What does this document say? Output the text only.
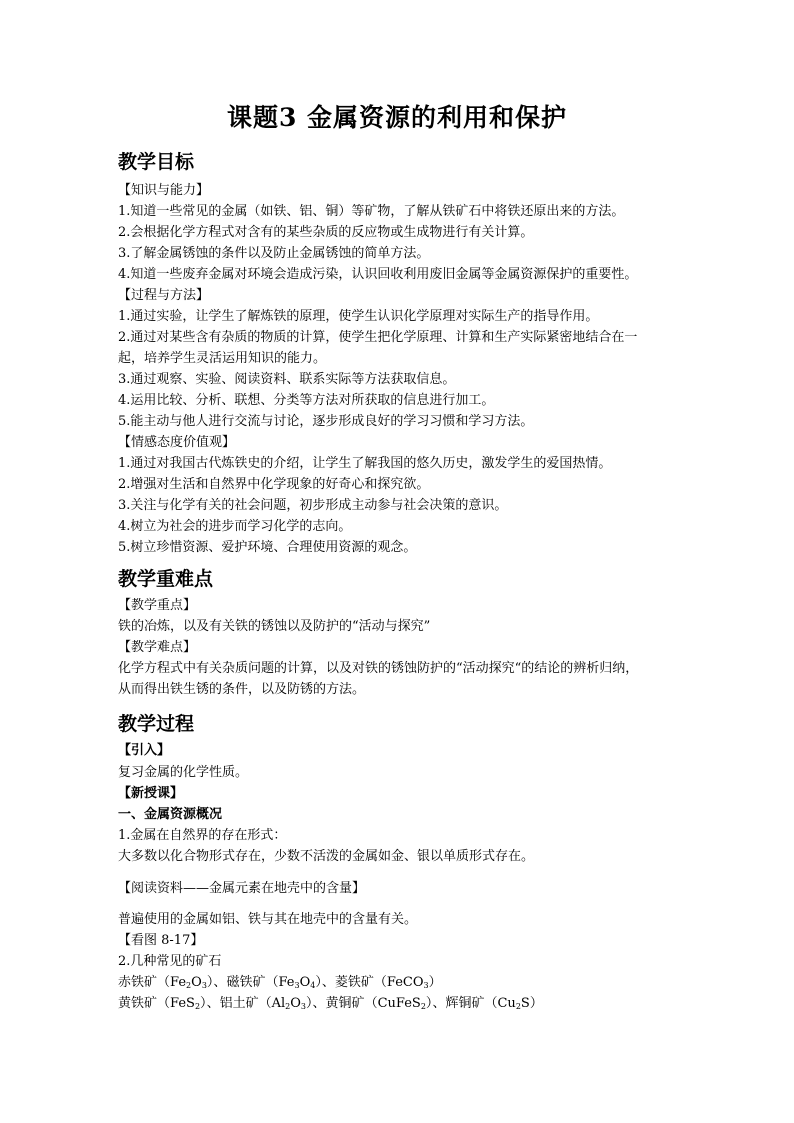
课题3 金属资源的利用和保护
教学目标
【知识与能力】
1.知道一些常见的金属（如铁、铝、铜）等矿物，了解从铁矿石中将铁还原出来的方法。
2.会根据化学方程式对含有的某些杂质的反应物或生成物进行有关计算。
3.了解金属锈蚀的条件以及防止金属锈蚀的简单方法。
4.知道一些废弃金属对环境会造成污染，认识回收利用废旧金属等金属资源保护的重要性。
【过程与方法】
1.通过实验，让学生了解炼铁的原理，使学生认识化学原理对实际生产的指导作用。
2.通过对某些含有杂质的物质的计算，使学生把化学原理、计算和生产实际紧密地结合在一
起，培养学生灵活运用知识的能力。
3.通过观察、实验、阅读资料、联系实际等方法获取信息。
4.运用比较、分析、联想、分类等方法对所获取的信息进行加工。
5.能主动与他人进行交流与讨论，逐步形成良好的学习习惯和学习方法。
【情感态度价值观】
1.通过对我国古代炼铁史的介绍，让学生了解我国的悠久历史，激发学生的爱国热情。
2.增强对生活和自然界中化学现象的好奇心和探究欲。
3.关注与化学有关的社会问题，初步形成主动参与社会决策的意识。
4.树立为社会的进步而学习化学的志向。
5.树立珍惜资源、爱护环境、合理使用资源的观念。
教学重难点
【教学重点】
铁的冶炼，以及有关铁的锈蚀以及防护的“活动与探究”
【教学难点】
化学方程式中有关杂质问题的计算，以及对铁的锈蚀防护的“活动探究“的结论的辨析归纳，
从而得出铁生锈的条件，以及防锈的方法。
教学过程
【引入】
复习金属的化学性质。
【新授课】
一、金属资源概况
1.金属在自然界的存在形式：
大多数以化合物形式存在，少数不活泼的金属如金、银以单质形式存在。
【阅读资料——金属元素在地壳中的含量】
普遍使用的金属如铝、铁与其在地壳中的含量有关。
【看图 8-17】
2.几种常见的矿石
赤铁矿$(Fe_2O_3)$、磁铁矿$(Fe_3O_4)$、菱铁矿（FeCO$_3$）
黄铁矿（FeS$_2$）、铝土矿$(Al_2O_3)$、黄铜矿（CuFeS$_2$）、辉铜矿$(Cu_2S)$
